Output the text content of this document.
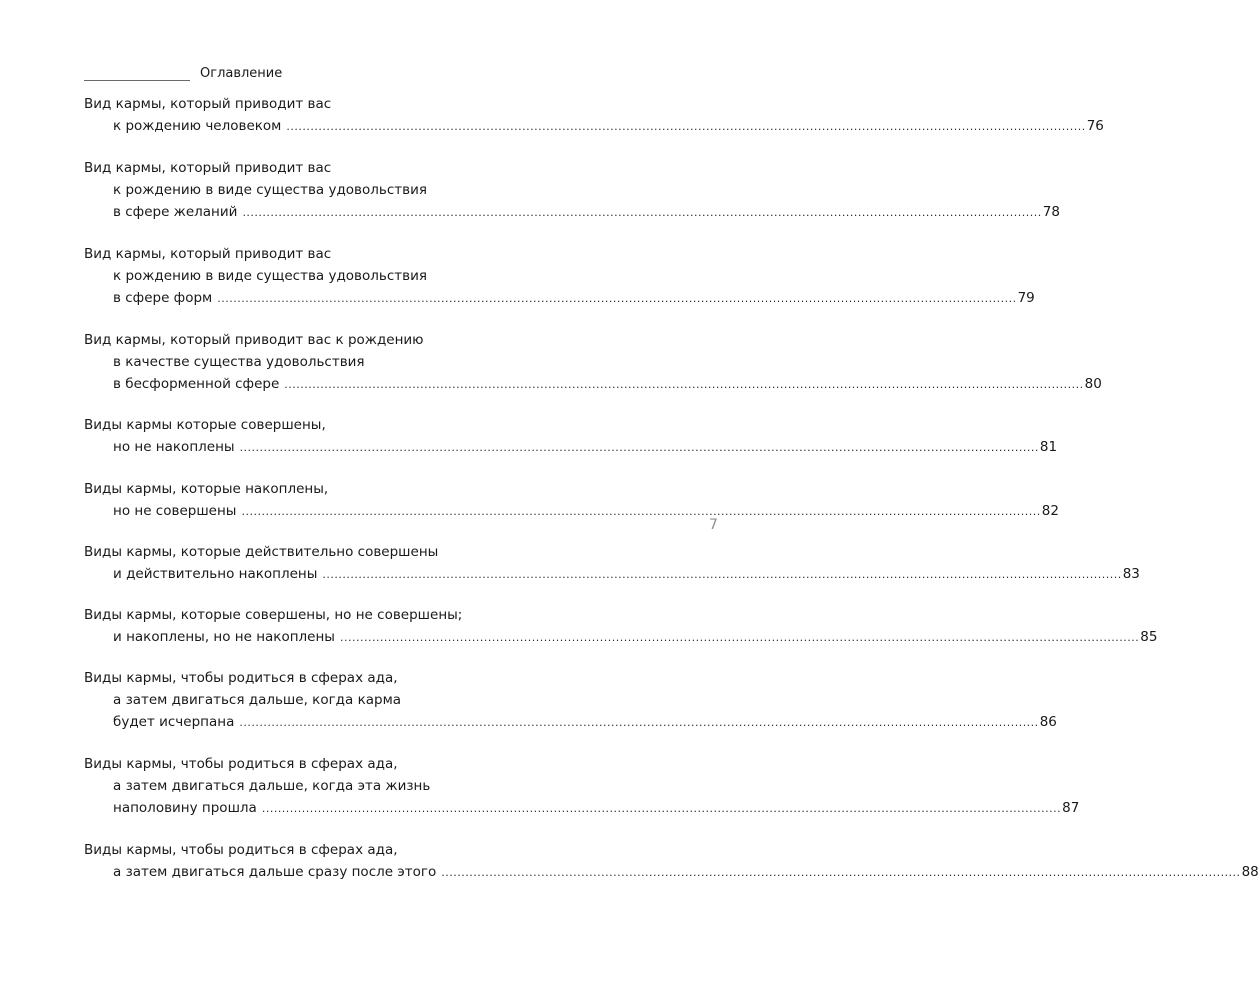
Оглавление
7
Вид кармы, который приводит вас
к рождению человеком ........................................................................................................................................................................................................ 76
Вид кармы, который приводит вас
к рождению в виде существа удовольствия
в сфере желаний ........................................................................................................................................................................................................ 78
Вид кармы, который приводит вас
к рождению в виде существа удовольствия
в сфере форм ........................................................................................................................................................................................................ 79
Вид кармы, который приводит вас к рождению
в качестве существа удовольствия
в бесформенной сфере ........................................................................................................................................................................................................ 80
Виды кармы которые совершены,
но не накоплены ........................................................................................................................................................................................................ 81
Виды кармы, которые накоплены,
но не совершены ........................................................................................................................................................................................................ 82
Виды кармы, которые действительно совершены
и действительно накоплены ........................................................................................................................................................................................................ 83
Виды кармы, которые совершены, но не совершены;
и накоплены, но не накоплены ........................................................................................................................................................................................................ 85
Виды кармы, чтобы родиться в сферах ада,
а затем двигаться дальше, когда карма
будет исчерпана ........................................................................................................................................................................................................ 86
Виды кармы, чтобы родиться в сферах ада,
а затем двигаться дальше, когда эта жизнь
наполовину прошла ........................................................................................................................................................................................................ 87
Виды кармы, чтобы родиться в сферах ада,
а затем двигаться дальше сразу после этого ........................................................................................................................................................................................................ 88
